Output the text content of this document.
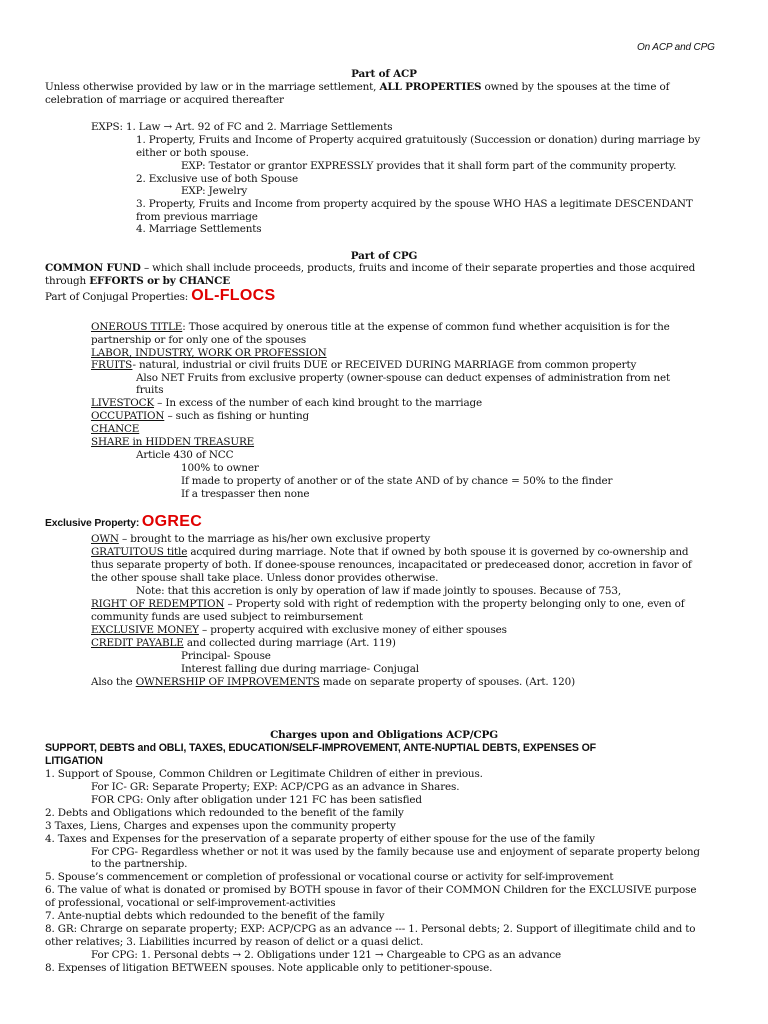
On ACP and CPG
Part of ACP
Unless otherwise provided by law or in the marriage settlement, ALL PROPERTIES owned by the spouses at the time of
celebration of marriage or acquired thereafter
EXPS: 1. Law → Art. 92 of FC and 2. Marriage Settlements
1. Property, Fruits and Income of Property acquired gratuitously (Succession or donation) during marriage by
either or both spouse.
EXP: Testator or grantor EXPRESSLY provides that it shall form part of the community property.
2. Exclusive use of both Spouse
EXP: Jewelry
3. Property, Fruits and Income from property acquired by the spouse WHO HAS a legitimate DESCENDANT
from previous marriage
4. Marriage Settlements
Part of CPG
COMMON FUND – which shall include proceeds, products, fruits and income of their separate properties and those acquired
through EFFORTS or by CHANCE
Part of Conjugal Properties: OL-FLOCS
ONEROUS TITLE: Those acquired by onerous title at the expense of common fund whether acquisition is for the
partnership or for only one of the spouses
LABOR, INDUSTRY, WORK OR PROFESSION
FRUITS- natural, industrial or civil fruits DUE or RECEIVED DURING MARRIAGE from common property
Also NET Fruits from exclusive property (owner-spouse can deduct expenses of administration from net
fruits
LIVESTOCK – In excess of the number of each kind brought to the marriage
OCCUPATION – such as fishing or hunting
CHANCE
SHARE in HIDDEN TREASURE
Article 430 of NCC
100% to owner
If made to property of another or of the state AND of by chance = 50% to the finder
If a trespasser then none
Exclusive Property: OGREC
OWN – brought to the marriage as his/her own exclusive property
GRATUITOUS title acquired during marriage. Note that if owned by both spouse it is governed by co-ownership and
thus separate property of both. If donee-spouse renounces, incapacitated or predeceased donor, accretion in favor of
the other spouse shall take place. Unless donor provides otherwise.
Note: that this accretion is only by operation of law if made jointly to spouses. Because of 753,
RIGHT OF REDEMPTION – Property sold with right of redemption with the property belonging only to one, even of
community funds are used subject to reimbursement
EXCLUSIVE MONEY – property acquired with exclusive money of either spouses
CREDIT PAYABLE and collected during marriage (Art. 119)
Principal- Spouse
Interest falling due during marriage- Conjugal
Also the OWNERSHIP OF IMPROVEMENTS made on separate property of spouses. (Art. 120)
Charges upon and Obligations ACP/CPG
SUPPORT, DEBTS and OBLI, TAXES, EDUCATION/SELF-IMPROVEMENT, ANTE-NUPTIAL DEBTS, EXPENSES OF
LITIGATION
1. Support of Spouse, Common Children or Legitimate Children of either in previous.
For IC- GR: Separate Property; EXP: ACP/CPG as an advance in Shares.
FOR CPG: Only after obligation under 121 FC has been satisfied
2. Debts and Obligations which redounded to the benefit of the family
3 Taxes, Liens, Charges and expenses upon the community property
4. Taxes and Expenses for the preservation of a separate property of either spouse for the use of the family
For CPG- Regardless whether or not it was used by the family because use and enjoyment of separate property belong
to the partnership.
5. Spouse’s commencement or completion of professional or vocational course or activity for self-improvement
6. The value of what is donated or promised by BOTH spouse in favor of their COMMON Children for the EXCLUSIVE purpose
of professional, vocational or self-improvement-activities
7. Ante-nuptial debts which redounded to the benefit of the family
8. GR: Chrarge on separate property; EXP: ACP/CPG as an advance --- 1. Personal debts; 2. Support of illegitimate child and to
other relatives; 3. Liabilities incurred by reason of delict or a quasi delict.
For CPG: 1. Personal debts → 2. Obligations under 121 → Chargeable to CPG as an advance
8. Expenses of litigation BETWEEN spouses. Note applicable only to petitioner-spouse.
